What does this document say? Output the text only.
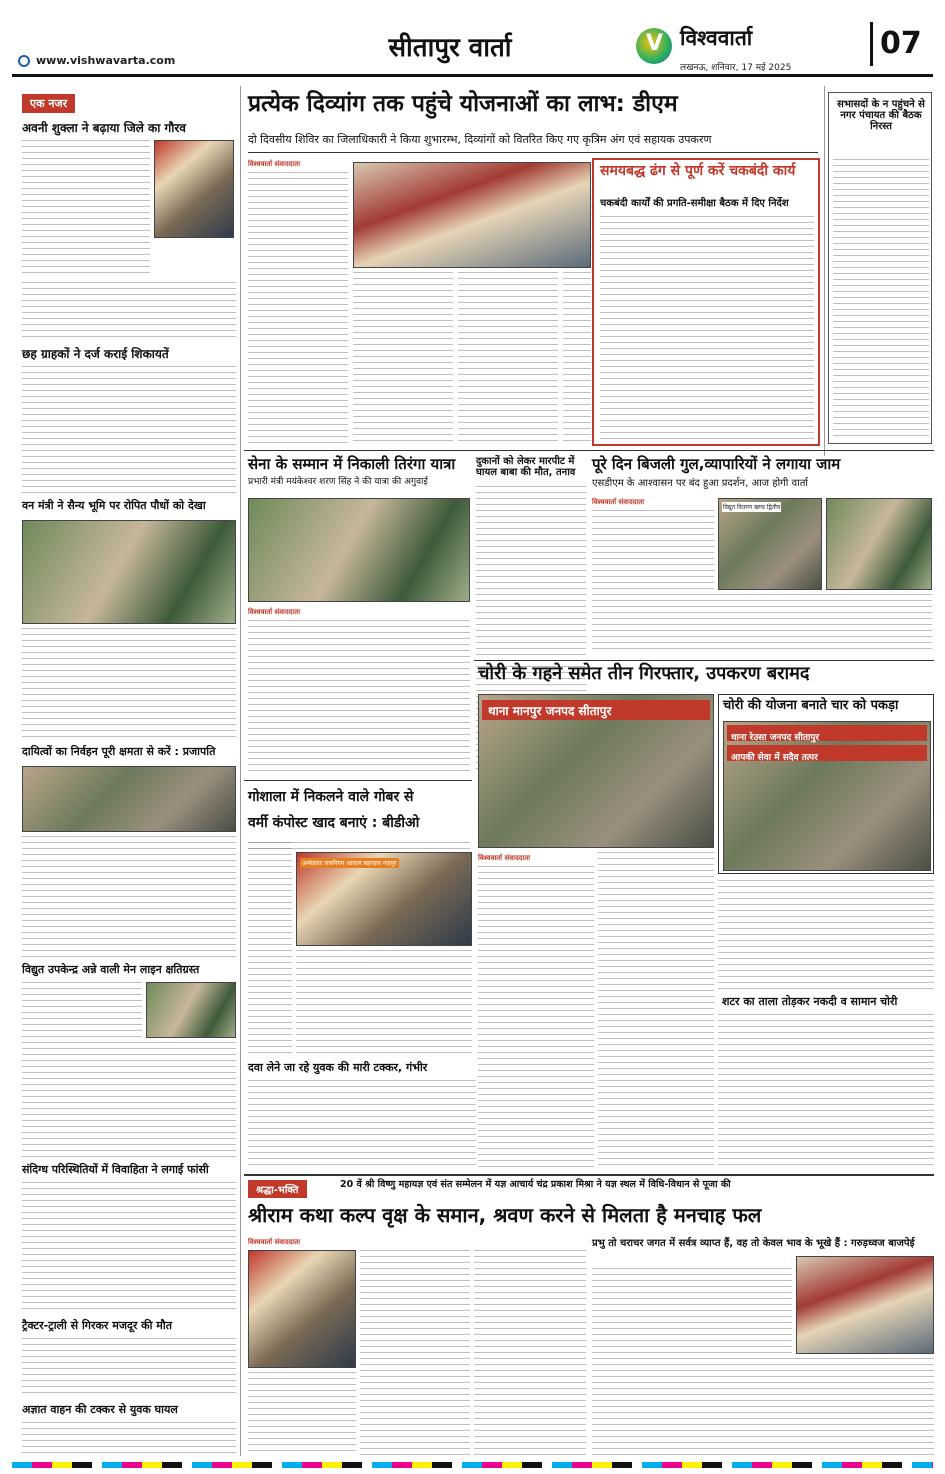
www.vishwavarta.com	सीतापुर वार्ता	V विश्ववार्ता
लखनऊ, शनिवार, 17 मई 2025
07
एक नजर
अवनी शुक्ला ने बढ़ाया जिले का गौरव
छह ग्राहकों ने दर्ज कराई शिकायतें
वन मंत्री ने सैन्य भूमि पर रोपित पौधों को देखा
दायित्वों का निर्वहन पूरी क्षमता से करें : प्रजापति
विद्युत उपकेन्द्र अन्ने वाली मेन लाइन क्षतिग्रस्त
संदिग्ध परिस्थितियों में विवाहिता ने लगाई फांसी
ट्रैक्टर-ट्राली से गिरकर मजदूर की मौत
अज्ञात वाहन की टक्कर से युवक घायल
प्रत्येक दिव्यांग तक पहुंचे योजनाओं का लाभ: डीएम
दो दिवसीय शिविर का जिलाधिकारी ने किया शुभारम्भ, दिव्यांगों को वितरित किए गए कृत्रिम अंग एवं सहायक उपकरण
विश्ववार्ता संवाददाता	समयबद्ध ढंग से पूर्ण करें चकबंदी कार्य
चकबंदी कार्यों की प्रगति-समीक्षा बैठक में दिए निर्देश
सभासदों के न पहुंचने से नगर पंचायत की बैठक निरस्त
सेना के सम्मान में निकाली तिरंगा यात्रा
प्रभारी मंत्री मयंकेश्वर शरण सिंह ने की यात्रा की अगुवाई
विश्ववार्ता संवाददाता
दुकानों को लेकर मारपीट में घायल बाबा की मौत, तनाव	पूरे दिन बिजली गुल,व्यापारियों ने लगाया जाम
एसडीएम के आश्वासन पर बंद हुआ प्रदर्शन, आज होगी वार्ता
विश्ववार्ता संवाददाता
विद्युत वितरण खण्ड द्वितीय
चोरी के गहने समेत तीन गिरफ्तार, उपकरण बरामद
थाना मानपुर जनपद सीतापुर	चोरी की योजना बनाते चार को पकड़ा
थाना रेउसा जनपद सीतापुर
आपकी सेवा में सदैव तत्पर
गोशाला में निकलने वाले गोबर से
वर्मी कंपोस्ट खाद बनाएं : बीडीओ
अम्बेडकर जलनिगम आवास बहराइच नाहपुर
दवा लेने जा रहे युवक की मारी टक्कर, गंभीर
विश्ववार्ता संवाददाता
शटर का ताला तोड़कर नकदी व सामान चोरी
श्रद्धा-भक्ति
20 वें श्री विष्णु महायज्ञ एवं संत सम्मेलन में यज्ञ आचार्य चंद्र प्रकाश मिश्रा ने यज्ञ स्थल में विधि-विधान से पूजा की
श्रीराम कथा कल्प वृक्ष के समान, श्रवण करने से मिलता है मनचाह फल
विश्ववार्ता संवाददाता	प्रभु तो चराचर जगत में सर्वत्र व्याप्त हैं, वह तो केवल भाव के भूखे हैं : गरुड़ध्वज बाजपेई
